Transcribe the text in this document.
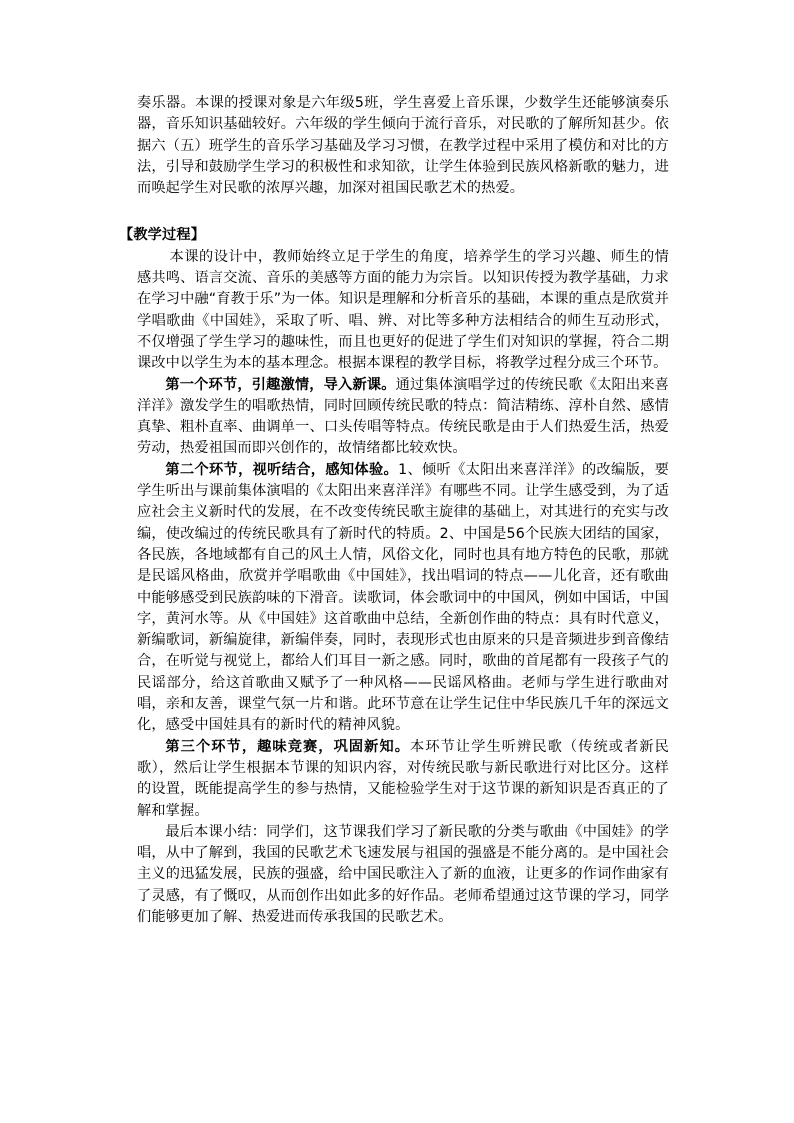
奏乐器。本课的授课对象是六年级5班，学生喜爱上音乐课，少数学生还能够演奏乐器，音乐知识基础较好。六年级的学生倾向于流行音乐，对民歌的了解所知甚少。依据六（五）班学生的音乐学习基础及学习习惯，在教学过程中采用了模仿和对比的方法，引导和鼓励学生学习的积极性和求知欲，让学生体验到民族风格新歌的魅力，进而唤起学生对民歌的浓厚兴趣，加深对祖国民歌艺术的热爱。

【教学过程】

本课的设计中，教师始终立足于学生的角度，培养学生的学习兴趣、师生的情感共鸣、语言交流、音乐的美感等方面的能力为宗旨。以知识传授为教学基础，力求在学习中融“育教于乐”为一体。知识是理解和分析音乐的基础，本课的重点是欣赏并学唱歌曲《中国娃》，采取了听、唱、辨、对比等多种方法相结合的师生互动形式，不仅增强了学生学习的趣味性，而且也更好的促进了学生们对知识的掌握，符合二期课改中以学生为本的基本理念。根据本课程的教学目标，将教学过程分成三个环节。

第一个环节，引趣激情，导入新课。通过集体演唱学过的传统民歌《太阳出来喜洋洋》激发学生的唱歌热情，同时回顾传统民歌的特点：简洁精练、淳朴自然、感情真挚、粗朴直率、曲调单一、口头传唱等特点。传统民歌是由于人们热爱生活，热爱劳动，热爱祖国而即兴创作的，故情绪都比较欢快。

第二个环节，视听结合，感知体验。1、倾听《太阳出来喜洋洋》的改编版，要学生听出与课前集体演唱的《太阳出来喜洋洋》有哪些不同。让学生感受到，为了适应社会主义新时代的发展，在不改变传统民歌主旋律的基础上，对其进行的充实与改编，使改编过的传统民歌具有了新时代的特质。2、中国是56个民族大团结的国家，各民族，各地域都有自己的风土人情，风俗文化，同时也具有地方特色的民歌，那就是民谣风格曲，欣赏并学唱歌曲《中国娃》，找出唱词的特点——儿化音，还有歌曲中能够感受到民族韵味的下滑音。读歌词，体会歌词中的中国风，例如中国话，中国字，黄河水等。从《中国娃》这首歌曲中总结，全新创作曲的特点：具有时代意义，新编歌词，新编旋律，新编伴奏，同时，表现形式也由原来的只是音频进步到音像结合，在听觉与视觉上，都给人们耳目一新之感。同时，歌曲的首尾都有一段孩子气的民谣部分，给这首歌曲又赋予了一种风格——民谣风格曲。老师与学生进行歌曲对唱，亲和友善，课堂气氛一片和谐。此环节意在让学生记住中华民族几千年的深远文化，感受中国娃具有的新时代的精神风貌。

第三个环节，趣味竞赛，巩固新知。本环节让学生听辨民歌（传统或者新民歌），然后让学生根据本节课的知识内容，对传统民歌与新民歌进行对比区分。这样的设置，既能提高学生的参与热情，又能检验学生对于这节课的新知识是否真正的了解和掌握。

最后本课小结：同学们，这节课我们学习了新民歌的分类与歌曲《中国娃》的学唱，从中了解到，我国的民歌艺术飞速发展与祖国的强盛是不能分离的。是中国社会主义的迅猛发展，民族的强盛，给中国民歌注入了新的血液，让更多的作词作曲家有了灵感，有了慨叹，从而创作出如此多的好作品。老师希望通过这节课的学习，同学们能够更加了解、热爱进而传承我国的民歌艺术。
